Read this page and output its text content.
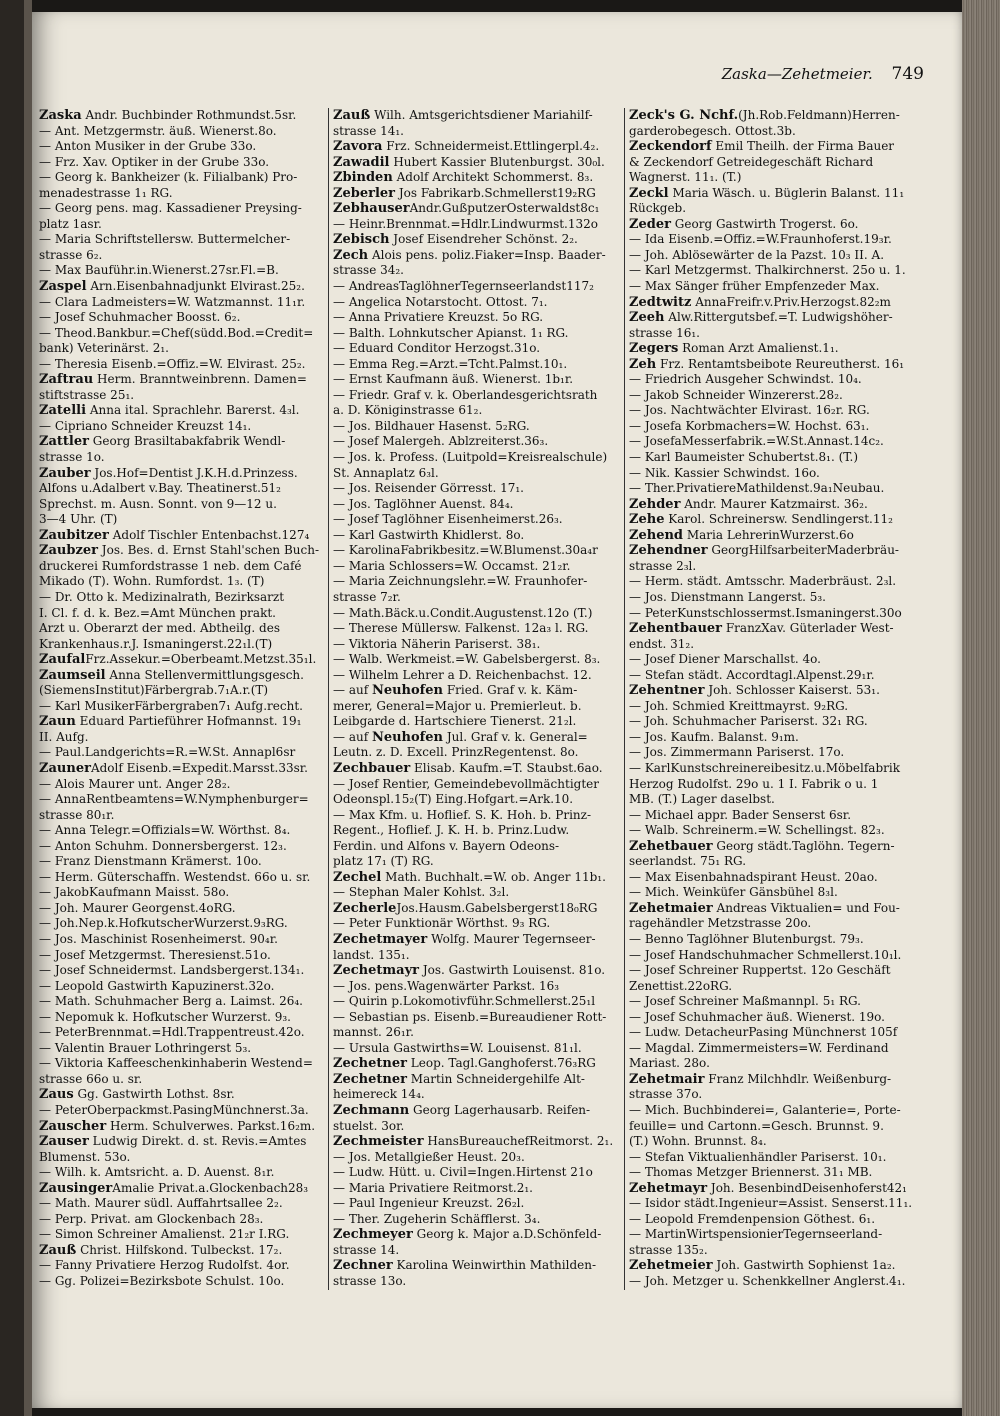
Zaska—Zehetmeier. 749
Zaska Andr. Buchbinder Rothmundst.5sr.
— Ant. Metzgermstr. äuß. Wienerst.8o.
— Anton Musiker in der Grube 33o.
— Frz. Xav. Optiker in der Grube 33o.
— Georg k. Bankheizer (k. Filialbank) Pro-
menadestrasse 1₁ RG.
— Georg pens. mag. Kassadiener Preysing-
platz 1asr.
— Maria Schriftstellersw. Buttermelcher-
strasse 6₂.
— Max Bauführ.in.Wienerst.27sr.Fl.=B.
Zaspel Arn.Eisenbahnadjunkt Elvirast.25₂.
— Clara Ladmeisters=W. Watzmannst. 11₁r.
— Josef Schuhmacher Boosst. 6₂.
— Theod.Bankbur.=Chef(südd.Bod.=Credit=
bank) Veterinärst. 2₁.
— Theresia Eisenb.=Offiz.=W. Elvirast. 25₂.
Zaftrau Herm. Branntweinbrenn. Damen=
stiftstrasse 25₁.
Zatelli Anna ital. Sprachlehr. Barerst. 4₃l.
— Cipriano Schneider Kreuzst 14₁.
Zattler Georg Brasiltabakfabrik Wendl-
strasse 1o.
Zauber Jos.Hof=Dentist J.K.H.d.Prinzess.
Alfons u.Adalbert v.Bay. Theatinerst.51₂
Sprechst. m. Ausn. Sonnt. von 9—12 u.
3—4 Uhr. (T)
Zaubitzer Adolf Tischler Entenbachst.127₄
Zaubzer Jos. Bes. d. Ernst Stahl'schen Buch-
druckerei Rumfordstrasse 1 neb. dem Café
Mikado (T). Wohn. Rumfordst. 1₃. (T)
— Dr. Otto k. Medizinalrath, Bezirksarzt
I. Cl. f. d. k. Bez.=Amt München prakt.
Arzt u. Oberarzt der med. Abtheilg. des
Krankenhaus.r.J. Ismaningerst.22₁l.(T)
ZaufalFrz.Assekur.=Oberbeamt.Metzst.35₁l.
Zaumseil Anna Stellenvermittlungsgesch.
(SiemensInstitut)Färbergrab.7₁A.r.(T)
— Karl MusikerFärbergraben7₁ Aufg.recht.
Zaun Eduard Partieführer Hofmannst. 19₁
II. Aufg.
— Paul.Landgerichts=R.=W.St. Annapl6sr
ZaunerAdolf Eisenb.=Expedit.Marsst.33sr.
— Alois Maurer unt. Anger 28₂.
— AnnaRentbeamtens=W.Nymphenburger=
strasse 80₁r.
— Anna Telegr.=Offizials=W. Wörthst. 8₄.
— Anton Schuhm. Donnersbergerst. 12₃.
— Franz Dienstmann Krämerst. 10o.
— Herm. Güterschaffn. Westendst. 66o u. sr.
— JakobKaufmann Maisst. 58o.
— Joh. Maurer Georgenst.4oRG.
— Joh.Nep.k.HofkutscherWurzerst.9₃RG.
— Jos. Maschinist Rosenheimerst. 90₄r.
— Josef Metzgermst. Theresienst.51o.
— Josef Schneidermst. Landsbergerst.134₁.
— Leopold Gastwirth Kapuzinerst.32o.
— Math. Schuhmacher Berg a. Laimst. 26₄.
— Nepomuk k. Hofkutscher Wurzerst. 9₃.
— PeterBrennmat.=Hdl.Trappentreust.42o.
— Valentin Brauer Lothringerst 5₃.
— Viktoria Kaffeeschenkinhaberin Westend=
strasse 66o u. sr.
Zaus Gg. Gastwirth Lothst. 8sr.
— PeterOberpackmst.PasingMünchnerst.3a.
Zauscher Herm. Schulverwes. Parkst.16₂m.
Zauser Ludwig Direkt. d. st. Revis.=Amtes
Blumenst. 53o.
— Wilh. k. Amtsricht. a. D. Auenst. 8₁r.
ZausingerAmalie Privat.a.Glockenbach28₃
— Math. Maurer südl. Auffahrtsallee 2₂.
— Perp. Privat. am Glockenbach 28₃.
— Simon Schreiner Amalienst. 21₂r I.RG.
Zauß Christ. Hilfskond. Tulbeckst. 17₂.
— Fanny Privatiere Herzog Rudolfst. 4or.
— Gg. Polizei=Bezirksbote Schulst. 10o.
Zauß Wilh. Amtsgerichtsdiener Mariahilf-
strasse 14₁.
Zavora Frz. Schneidermeist.Ettlingerpl.4₂.
Zawadil Hubert Kassier Blutenburgst. 30₀l.
Zbinden Adolf Architekt Schommerst. 8₃.
Zeberler Jos Fabrikarb.Schmellerst19₂RG
ZebhauserAndr.GußputzerOsterwaldst8c₁
— Heinr.Brennmat.=Hdlr.Lindwurmst.132o
Zebisch Josef Eisendreher Schönst. 2₂.
Zech Alois pens. poliz.Fiaker=Insp. Baader-
strasse 34₂.
— AndreasTaglöhnerTegernseerlandst117₂
— Angelica Notarstocht. Ottost. 7₁.
— Anna Privatiere Kreuzst. 5o RG.
— Balth. Lohnkutscher Apianst. 1₁ RG.
— Eduard Conditor Herzogst.31o.
— Emma Reg.=Arzt.=Tcht.Palmst.10₁.
— Ernst Kaufmann äuß. Wienerst. 1b₁r.
— Friedr. Graf v. k. Oberlandesgerichtsrath
a. D. Königinstrasse 61₂.
— Jos. Bildhauer Hasenst. 5₂RG.
— Josef Malergeh. Ablzreiterst.36₃.
— Jos. k. Profess. (Luitpold=Kreisrealschule)
St. Annaplatz 6₃l.
— Jos. Reisender Görresst. 17₁.
— Jos. Taglöhner Auenst. 84₄.
— Josef Taglöhner Eisenheimerst.26₃.
— Karl Gastwirth Khidlerst. 8o.
— KarolinaFabrikbesitz.=W.Blumenst.30a₄r
— Maria Schlossers=W. Occamst. 21₂r.
— Maria Zeichnungslehr.=W. Fraunhofer-
strasse 7₂r.
— Math.Bäck.u.Condit.Augustenst.12o (T.)
— Therese Müllersw. Falkenst. 12a₃ l. RG.
— Viktoria Näherin Pariserst. 38₁.
— Walb. Werkmeist.=W. Gabelsbergerst. 8₃.
— Wilhelm Lehrer a D. Reichenbachst. 12.
— auf Neuhofen Fried. Graf v. k. Käm-
merer, General=Major u. Premierleut. b.
Leibgarde d. Hartschiere Tienerst. 21₂l.
— auf Neuhofen Jul. Graf v. k. General=
Leutn. z. D. Excell. PrinzRegentenst. 8o.
Zechbauer Elisab. Kaufm.=T. Staubst.6ao.
— Josef Rentier, Gemeindebevollmächtigter
Odeonspl.15₂(T) Eing.Hofgart.=Ark.10.
— Max Kfm. u. Hoflief. S. K. Hoh. b. Prinz-
Regent., Hoflief. J. K. H. b. Prinz.Ludw.
Ferdin. und Alfons v. Bayern Odeons-
platz 17₁ (T) RG.
Zechel Math. Buchhalt.=W. ob. Anger 11b₁.
— Stephan Maler Kohlst. 3₂l.
ZecherleJos.Hausm.Gabelsbergerst18₀RG
— Peter Funktionär Wörthst. 9₃ RG.
Zechetmayer Wolfg. Maurer Tegernseer-
landst. 135₁.
Zechetmayr Jos. Gastwirth Louisenst. 81o.
— Jos. pens.Wagenwärter Parkst. 16₃
— Quirin p.Lokomotivführ.Schmellerst.25₁l
— Sebastian ps. Eisenb.=Bureaudiener Rott-
mannst. 26₁r.
— Ursula Gastwirths=W. Louisenst. 81₁l.
Zechetner Leop. Tagl.Ganghoferst.76₃RG
Zechetner Martin Schneidergehilfe Alt-
heimereck 14₄.
Zechmann Georg Lagerhausarb. Reifen-
stuelst. 3or.
Zechmeister HansBureauchefReitmorst. 2₁.
— Jos. Metallgießer Heust. 20₃.
— Ludw. Hütt. u. Civil=Ingen.Hirtenst 21o
— Maria Privatiere Reitmorst.2₁.
— Paul Ingenieur Kreuzst. 26₂l.
— Ther. Zugeherin Schäfflerst. 3₄.
Zechmeyer Georg k. Major a.D.Schönfeld-
strasse 14.
Zechner Karolina Weinwirthin Mathilden-
strasse 13o.
Zeck's G. Nchf.(Jh.Rob.Feldmann)Herren-
garderobegesch. Ottost.3b.
Zeckendorf Emil Theilh. der Firma Bauer
& Zeckendorf Getreidegeschäft Richard
Wagnerst. 11₁. (T.)
Zeckl Maria Wäsch. u. Büglerin Balanst. 11₁
Rückgeb.
Zeder Georg Gastwirth Trogerst. 6o.
— Ida Eisenb.=Offiz.=W.Fraunhoferst.19₃r.
— Joh. Ablösewärter de la Pazst. 10₃ II. A.
— Karl Metzgermst. Thalkirchnerst. 25o u. 1.
— Max Sänger früher Empfenzeder Max.
Zedtwitz AnnaFreifr.v.Priv.Herzogst.82₂m
Zeeh Alw.Rittergutsbef.=T. Ludwigshöher-
strasse 16₁.
Zegers Roman Arzt Amalienst.1₁.
Zeh Frz. Rentamtsbeibote Reureutherst. 16₁
— Friedrich Ausgeher Schwindst. 10₄.
— Jakob Schneider Winzererst.28₂.
— Jos. Nachtwächter Elvirast. 16₂r. RG.
— Josefa Korbmachers=W. Hochst. 63₁.
— JosefaMesserfabrik.=W.St.Annast.14c₂.
— Karl Baumeister Schubertst.8₁. (T.)
— Nik. Kassier Schwindst. 16o.
— Ther.PrivatiereMathildenst.9a₁Neubau.
Zehder Andr. Maurer Katzmairst. 36₂.
Zehe Karol. Schreinersw. Sendlingerst.11₂
Zehend Maria LehrerinWurzerst.6o
Zehendner GeorgHilfsarbeiterMaderbräu-
strasse 2₃l.
— Herm. städt. Amtsschr. Maderbräust. 2₃l.
— Jos. Dienstmann Langerst. 5₃.
— PeterKunstschlossermst.Ismaningerst.30o
Zehentbauer FranzXav. Güterlader West-
endst. 31₂.
— Josef Diener Marschallst. 4o.
— Stefan städt. Accordtagl.Alpenst.29₁r.
Zehentner Joh. Schlosser Kaiserst. 53₁.
— Joh. Schmied Kreittmayrst. 9₂RG.
— Joh. Schuhmacher Pariserst. 32₁ RG.
— Jos. Kaufm. Balanst. 9₁m.
— Jos. Zimmermann Pariserst. 17o.
— KarlKunstschreinereibesitz.u.Möbelfabrik
Herzog Rudolfst. 29o u. 1 I. Fabrik o u. 1
MB. (T.) Lager daselbst.
— Michael appr. Bader Senserst 6sr.
— Walb. Schreinerm.=W. Schellingst. 82₃.
Zehetbauer Georg städt.Taglöhn. Tegern-
seerlandst. 75₁ RG.
— Max Eisenbahnadspirant Heust. 20ao.
— Mich. Weinküfer Gänsbühel 8₃l.
Zehetmaier Andreas Viktualien= und Fou-
ragehändler Metzstrasse 20o.
— Benno Taglöhner Blutenburgst. 79₃.
— Josef Handschuhmacher Schmellerst.10₁l.
— Josef Schreiner Ruppertst. 12o Geschäft
Zenettist.22oRG.
— Josef Schreiner Maßmannpl. 5₁ RG.
— Josef Schuhmacher äuß. Wienerst. 19o.
— Ludw. DetacheurPasing Münchnerst 105f
— Magdal. Zimmermeisters=W. Ferdinand
Mariast. 28o.
Zehetmair Franz Milchhdlr. Weißenburg-
strasse 37o.
— Mich. Buchbinderei=, Galanterie=, Porte-
feuille= und Cartonn.=Gesch. Brunnst. 9.
(T.) Wohn. Brunnst. 8₄.
— Stefan Viktualienhändler Pariserst. 10₁.
— Thomas Metzger Briennerst. 31₁ MB.
Zehetmayr Joh. BesenbindDeisenhoferst42₁
— Isidor städt.Ingenieur=Assist. Senserst.11₁.
— Leopold Fremdenpension Göthest. 6₁.
— MartinWirtspensionierTegernseerland-
strasse 135₂.
Zehetmeier Joh. Gastwirth Sophienst 1a₂.
— Joh. Metzger u. Schenkkellner Anglerst.4₁.
